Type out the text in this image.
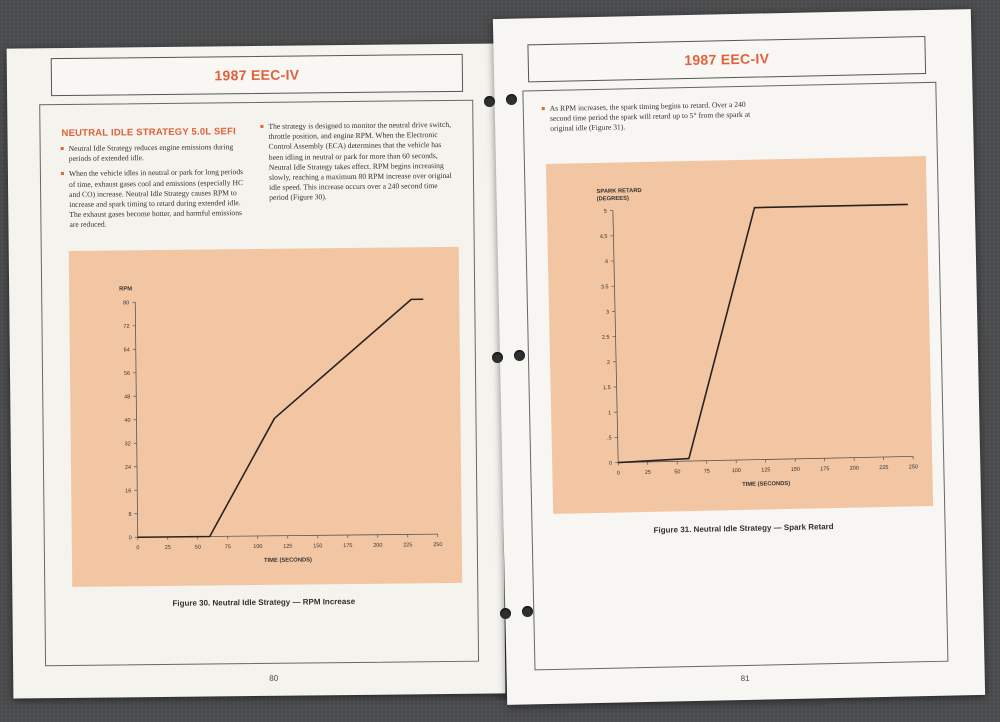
1987 EEC-IV
NEUTRAL IDLE STRATEGY 5.0L SEFI
Neutral Idle Strategy reduces engine emissions during periods of extended idle.
When the vehicle idles in neutral or park for long periods of time, exhaust gases cool and emissions (especially HC and CO) increase. Neutral Idle Strategy causes RPM to increase and spark timing to retard during extended idle. The exhaust gases become hotter, and harmful emissions are reduced.
The strategy is designed to monitor the neutral drive switch, throttle position, and engine RPM. When the Electronic Control Assembly (ECA) determines that the vehicle has been idling in neutral or park for more than 60 seconds, Neutral Idle Strategy takes effect. RPM begins increasing slowly, reaching a maximum 80 RPM increase over original idle speed. This increase occurs over a 240 second time period (Figure 30).
0
8
16
24
32
40
48
56
64
72
80
0	25	50	75	100	125	150	175	200	225	250
TIME (SECONDS)
RPM
Figure 30. Neutral Idle Strategy — RPM Increase
80
1987 EEC-IV
As RPM increases, the spark timing begins to retard. Over a 240 second time period the spark will retard up to 5° from the spark at original idle (Figure 31).
0
.5
1
1.5
2
2.5
3
3.5
4
4.5
5
0	25	50	75	100	125	150	175	200	225	250
TIME (SECONDS)
SPARK RETARD
(DEGREES)
Figure 31. Neutral Idle Strategy — Spark Retard
81
